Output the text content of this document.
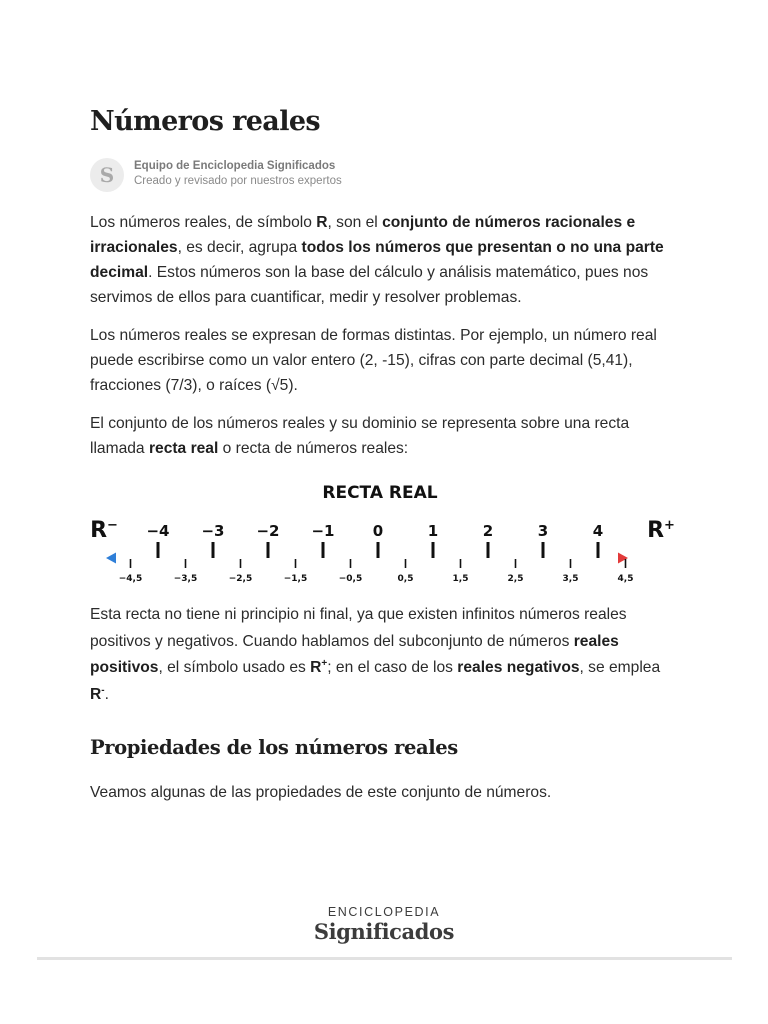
Números reales
S	Equipo de Enciclopedia Significados
Creado y revisado por nuestros expertos

Los números reales, de símbolo R, son el conjunto de números racionales e irracionales, es decir, agrupa todos los números que presentan o no una parte decimal. Estos números son la base del cálculo y análisis matemático, pues nos servimos de ellos para cuantificar, medir y resolver problemas.

Los números reales se expresan de formas distintas. Por ejemplo, un número real puede escribirse como un valor entero (2, -15), cifras con parte decimal (5,41), fracciones (7/3), o raíces (√5).

El conjunto de los números reales y su dominio se representa sobre una recta llamada recta real o recta de números reales:

Esta recta no tiene ni principio ni final, ya que existen infinitos números reales positivos y negativos. Cuando hablamos del subconjunto de números reales positivos, el símbolo usado es R+; en el caso de los reales negativos, se emplea R-.

Propiedades de los números reales

Veamos algunas de las propiedades de este conjunto de números.

RECTA REAL
R−	R+
−4 −3 −2 −1	0	1	2	3	4
−4,5	−3,5	−2,5	−1,5	−0,5	0,5	1,5	2,5	3,5	4,5
ENCICLOPEDIA
Significados
